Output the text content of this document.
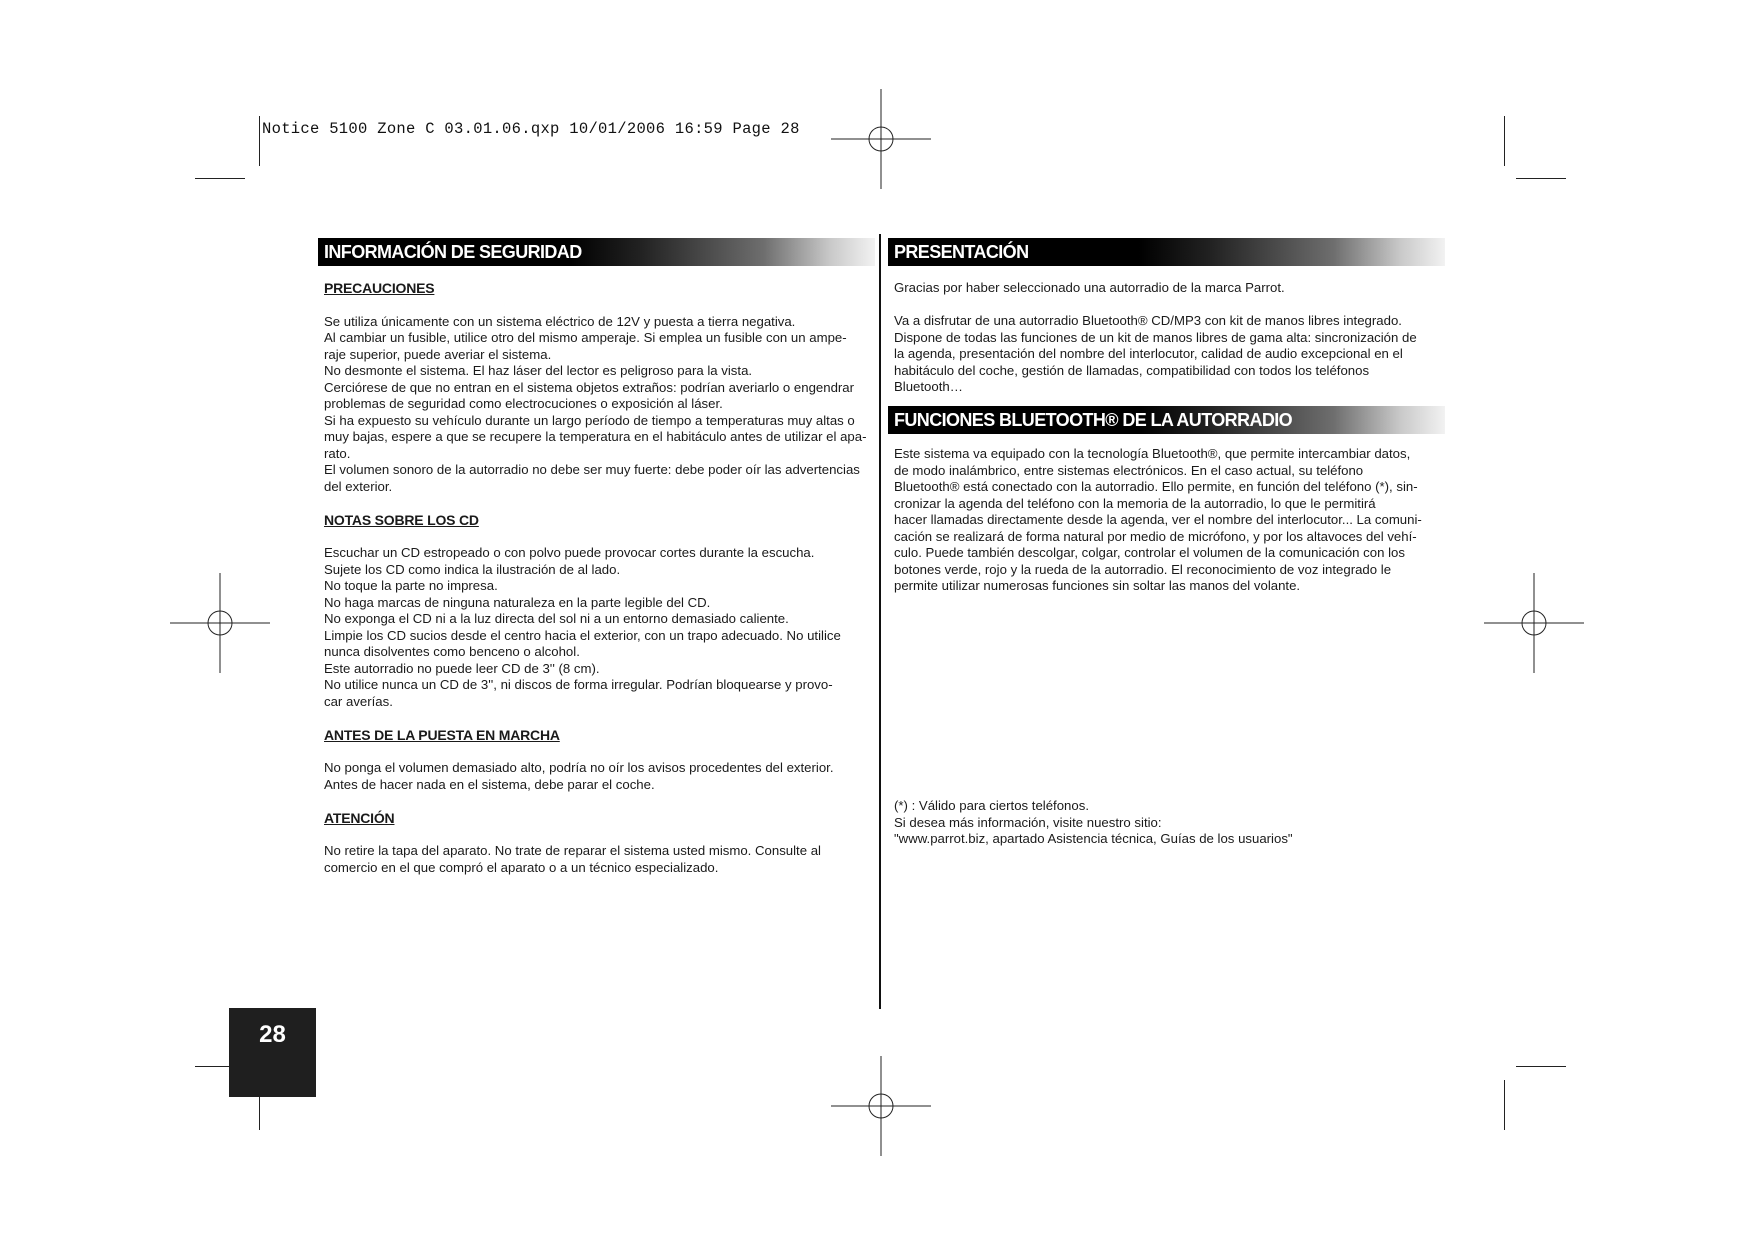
Notice 5100 Zone C 03.01.06.qxp 10/01/2006 16:59 Page 28
INFORMACIÓN DE SEGURIDAD

PRECAUCIONES

Se utiliza únicamente con un sistema eléctrico de 12V y puesta a tierra negativa.

Al cambiar un fusible, utilice otro del mismo amperaje. Si emplea un fusible con un ampe-

raje superior, puede averiar el sistema.

No desmonte el sistema. El haz láser del lector es peligroso para la vista.

Cerciórese de que no entran en el sistema objetos extraños: podrían averiarlo o engendrar

problemas de seguridad como electrocuciones o exposición al láser.

Si ha expuesto su vehículo durante un largo período de tiempo a temperaturas muy altas o

muy bajas, espere a que se recupere la temperatura en el habitáculo antes de utilizar el apa-

rato.

El volumen sonoro de la autorradio no debe ser muy fuerte: debe poder oír las advertencias

del exterior.

NOTAS SOBRE LOS CD

Escuchar un CD estropeado o con polvo puede provocar cortes durante la escucha.

Sujete los CD como indica la ilustración de al lado.

No toque la parte no impresa.

No haga marcas de ninguna naturaleza en la parte legible del CD.

No exponga el CD ni a la luz directa del sol ni a un entorno demasiado caliente.

Limpie los CD sucios desde el centro hacia el exterior, con un trapo adecuado. No utilice

nunca disolventes como benceno o alcohol.

Este autorradio no puede leer CD de 3'' (8 cm).

No utilice nunca un CD de 3'', ni discos de forma irregular. Podrían bloquearse y provo-

car averías.

ANTES DE LA PUESTA EN MARCHA

No ponga el volumen demasiado alto, podría no oír los avisos procedentes del exterior.

Antes de hacer nada en el sistema, debe parar el coche.

ATENCIÓN

No retire la tapa del aparato. No trate de reparar el sistema usted mismo. Consulte al

comercio en el que compró el aparato o a un técnico especializado.

PRESENTACIÓN

Gracias por haber seleccionado una autorradio de la marca Parrot.

Va a disfrutar de una autorradio Bluetooth® CD/MP3 con kit de manos libres integrado.

Dispone de todas las funciones de un kit de manos libres de gama alta: sincronización de

la agenda, presentación del nombre del interlocutor, calidad de audio excepcional en el

habitáculo del coche, gestión de llamadas, compatibilidad con todos los teléfonos

Bluetooth…

FUNCIONES BLUETOOTH® DE LA AUTORRADIO

Este sistema va equipado con la tecnología Bluetooth®, que permite intercambiar datos,

de modo inalámbrico, entre sistemas electrónicos. En el caso actual, su teléfono

Bluetooth® está conectado con la autorradio. Ello permite, en función del teléfono (*), sin-

cronizar la agenda del teléfono con la memoria de la autorradio, lo que le permitirá

hacer llamadas directamente desde la agenda, ver el nombre del interlocutor... La comuni-

cación se realizará de forma natural por medio de micrófono, y por los altavoces del vehí-

culo. Puede también descolgar, colgar, controlar el volumen de la comunicación con los

botones verde, rojo y la rueda de la autorradio. El reconocimiento de voz integrado le

permite utilizar numerosas funciones sin soltar las manos del volante.

(*) : Válido para ciertos teléfonos.

Si desea más información, visite nuestro sitio:

"www.parrot.biz, apartado Asistencia técnica, Guías de los usuarios"

28
